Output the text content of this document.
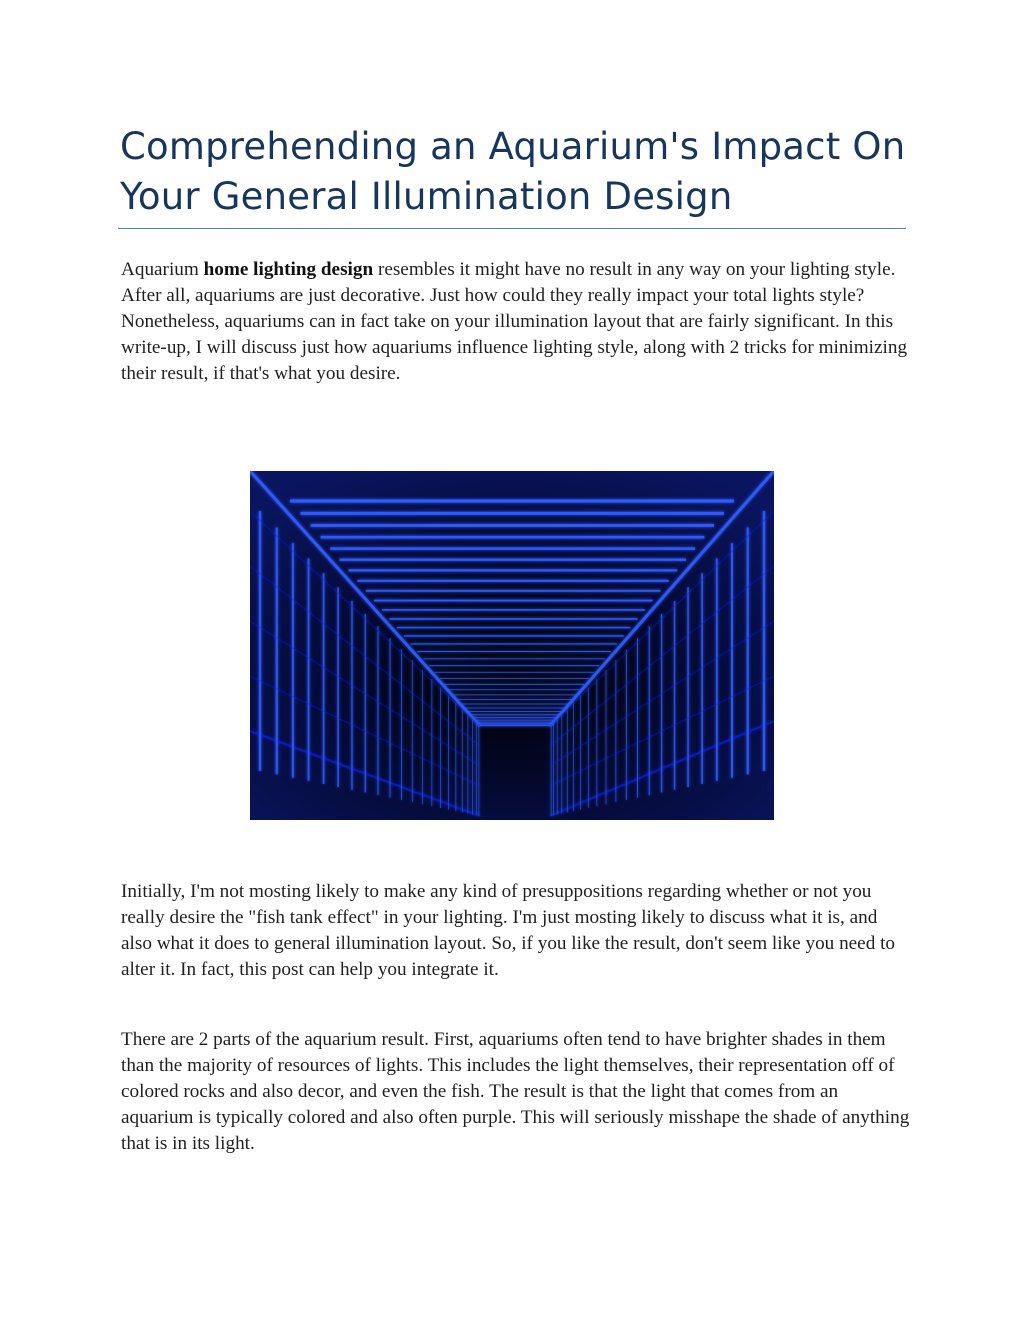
Comprehending an Aquarium's Impact On Your General Illumination Design

Aquarium home lighting design resembles it might have no result in any way on your lighting style. After all, aquariums are just decorative. Just how could they really impact your total lights style? Nonetheless, aquariums can in fact take on your illumination layout that are fairly significant. In this write-up, I will discuss just how aquariums influence lighting style, along with 2 tricks for minimizing their result, if that's what you desire.

Initially, I'm not mosting likely to make any kind of presuppositions regarding whether or not you really desire the "fish tank effect" in your lighting. I'm just mosting likely to discuss what it is, and also what it does to general illumination layout. So, if you like the result, don't seem like you need to alter it. In fact, this post can help you integrate it.

There are 2 parts of the aquarium result. First, aquariums often tend to have brighter shades in them than the majority of resources of lights. This includes the light themselves, their representation off of colored rocks and also decor, and even the fish. The result is that the light that comes from an aquarium is typically colored and also often purple. This will seriously misshape the shade of anything that is in its light.
